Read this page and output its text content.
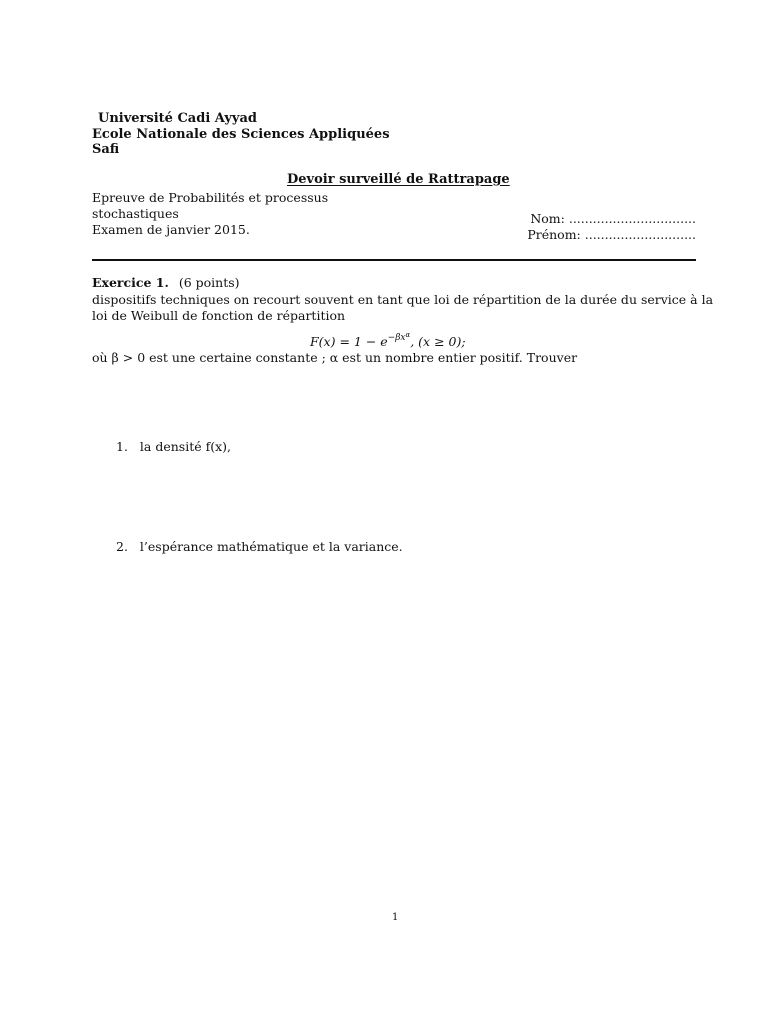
Université Cadi Ayyad
Ecole Nationale des Sciences Appliquées
Safi
Devoir surveillé de Rattrapage
Epreuve de Probabilités et processus
stochastiques
Examen de janvier 2015.
Nom: ................................
Prénom: ............................
Exercice 1. (6 points)
dispositifs techniques on recourt souvent en tant que loi de répartition de la durée du service à la
loi de Weibull de fonction de répartition
$F(x) = 1 - e^{-\beta x^\alpha}$, (x ≥ 0);
où β > 0 est une certaine constante ; α est un nombre entier positif. Trouver
1. la densité f(x),
2. l’espérance mathématique et la variance.
1
